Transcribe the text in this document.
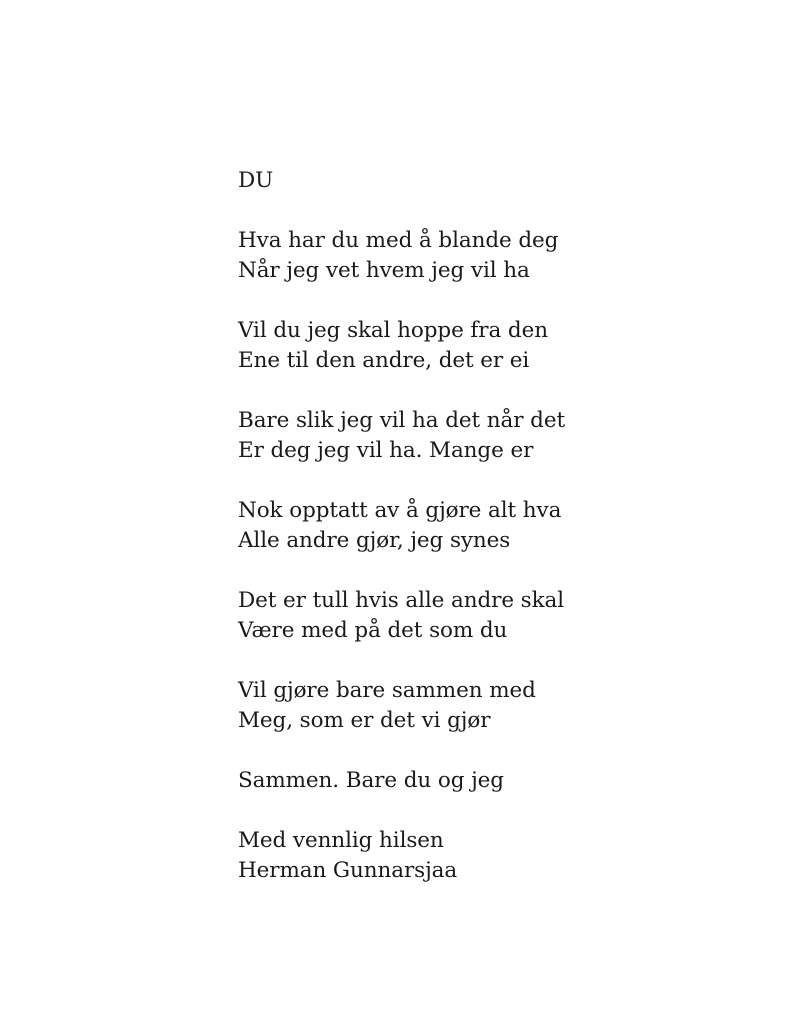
DU
Hva har du med å blande deg
Når jeg vet hvem jeg vil ha
Vil du jeg skal hoppe fra den
Ene til den andre, det er ei
Bare slik jeg vil ha det når det
Er deg jeg vil ha. Mange er
Nok opptatt av å gjøre alt hva
Alle andre gjør, jeg synes
Det er tull hvis alle andre skal
Være med på det som du
Vil gjøre bare sammen med
Meg, som er det vi gjør
Sammen. Bare du og jeg
Med vennlig hilsen
Herman Gunnarsjaa
